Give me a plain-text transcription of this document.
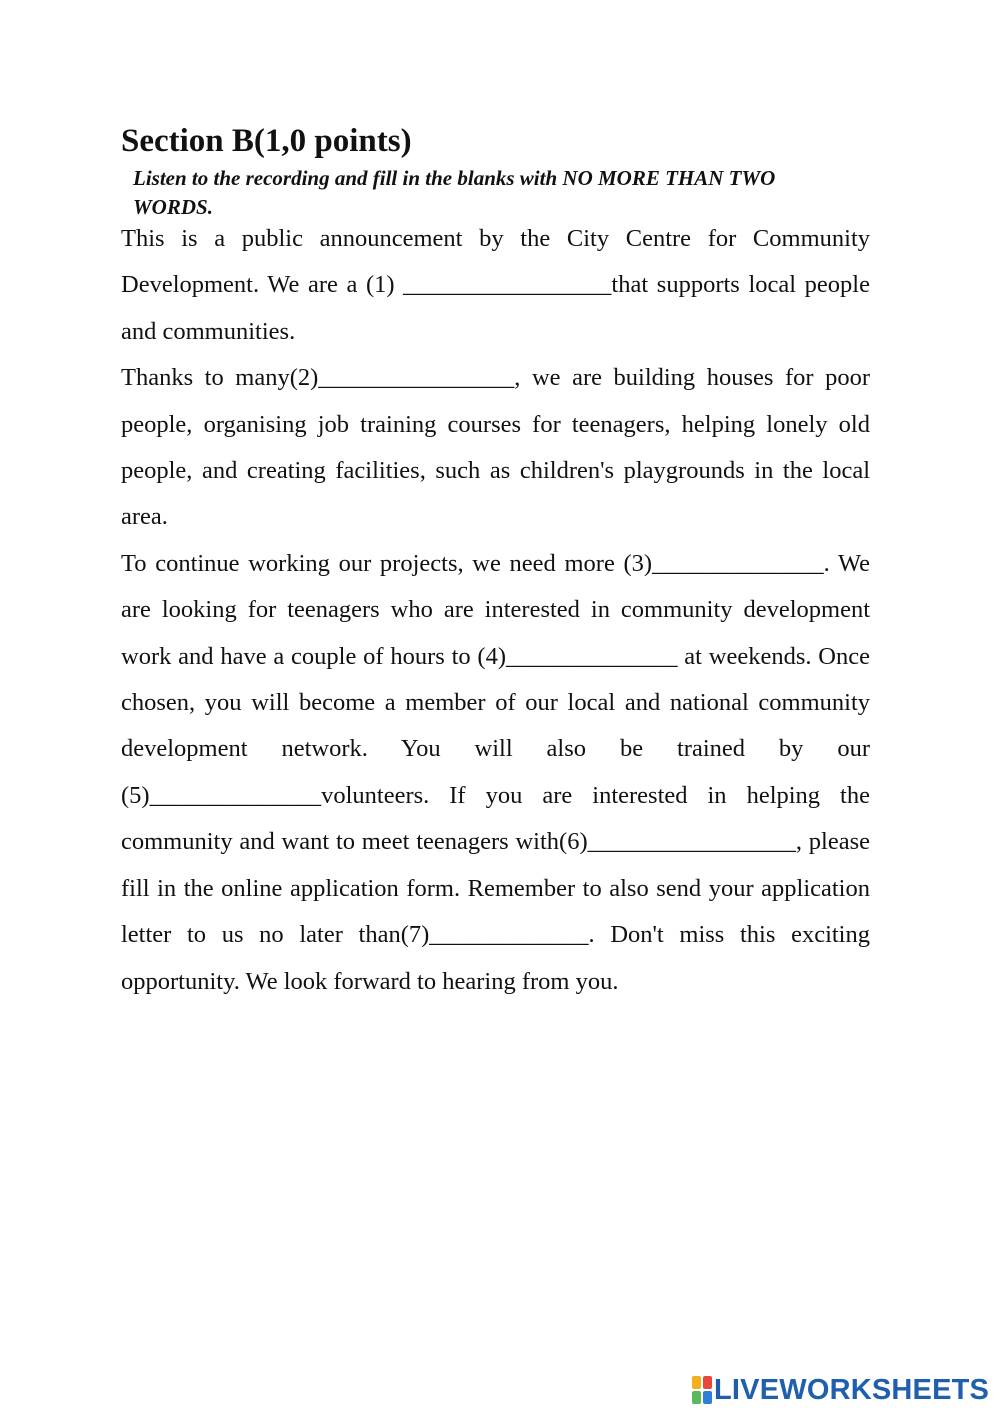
Section B(1,0 points)

Listen to the recording and fill in the blanks with NO MORE THAN TWO WORDS.

This is a public announcement by the City Centre for Community Development. We are a (1) _________________that supports local people and communities.

Thanks to many(2)________________, we are building houses for poor people, organising job training courses for teenagers, helping lonely old people, and creating facilities, such as children's playgrounds in the local area.

To continue working our projects, we need more (3)______________. We are looking for teenagers who are interested in community development work and have a couple of hours to (4)______________ at weekends. Once chosen, you will become a member of our local and national community development network. You will also be trained by our (5)______________volunteers. If you are interested in helping the community and want to meet teenagers with(6)_________________, please fill in the online application form. Remember to also send your application letter to us no later than(7)_____________. Don't miss this exciting opportunity. We look forward to hearing from you.

LIVEWORKSHEETS
